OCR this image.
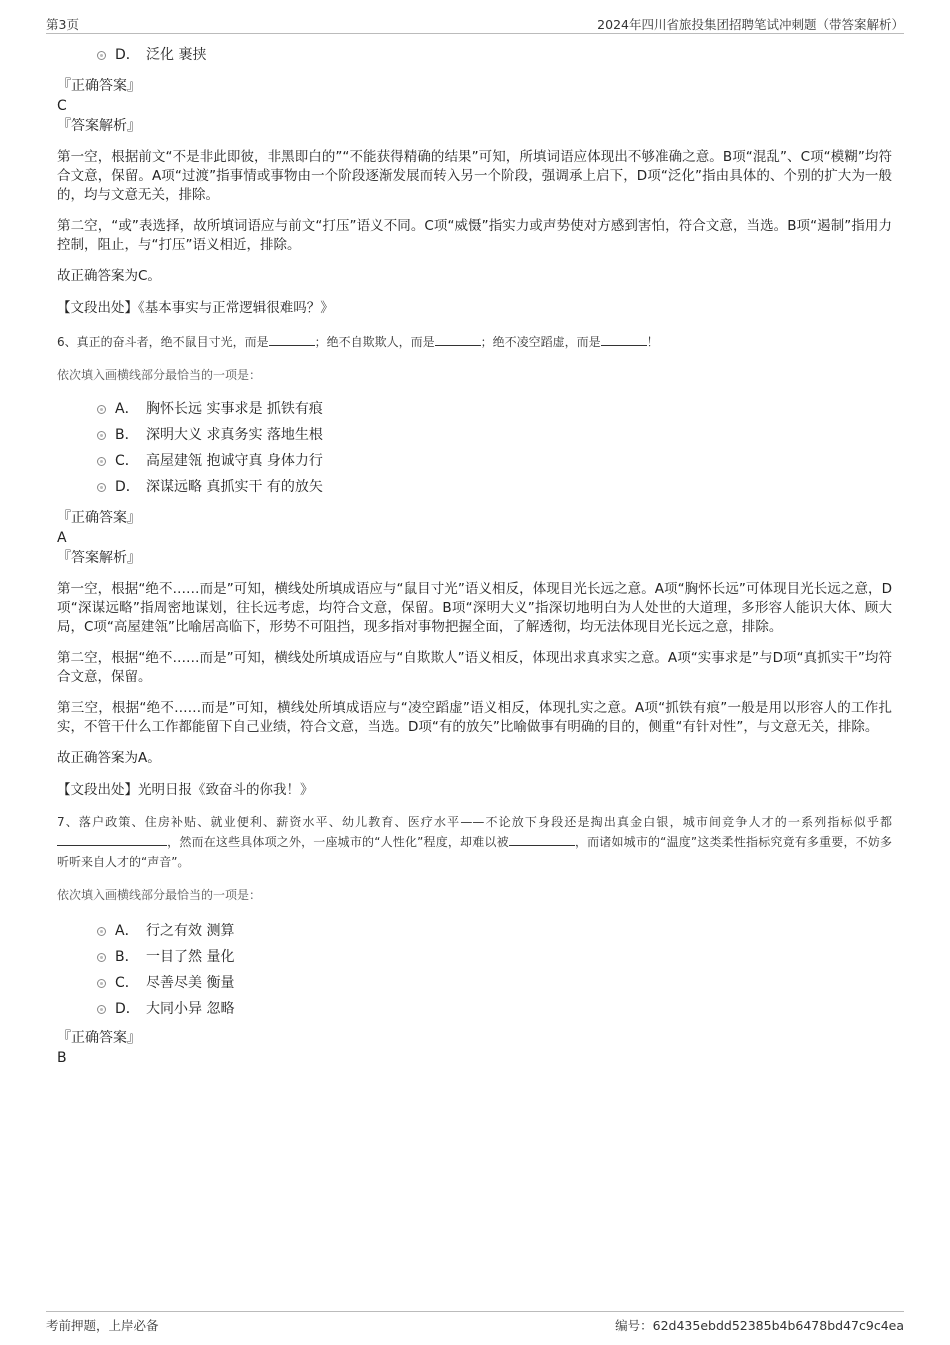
第3页	2024年四川省旅投集团招聘笔试冲刺题（带答案解析）
D． 泛化 裹挟
『正确答案』
C
『答案解析』

第一空，根据前文“不是非此即彼，非黑即白的”“不能获得精确的结果”可知，所填词语应体现出不够准确之意。B项“混乱”、C项“模糊”均符合文意，保留。A项“过渡”指事情或事物由一个阶段逐渐发展而转入另一个阶段，强调承上启下，D项“泛化”指由具体的、个别的扩大为一般的，均与文意无关，排除。

第二空，“或”表选择，故所填词语应与前文“打压”语义不同。C项“威慑”指实力或声势使对方感到害怕，符合文意，当选。B项“遏制”指用力控制，阻止，与“打压”语义相近，排除。

故正确答案为C。

【文段出处】《基本事实与正常逻辑很难吗？》

6、真正的奋斗者，绝不鼠目寸光，而是	；绝不自欺欺人，而是	；绝不凌空蹈虚，而是	！

依次填入画横线部分最恰当的一项是：
A． 胸怀长远 实事求是 抓铁有痕
B． 深明大义 求真务实 落地生根
C． 高屋建瓴 抱诚守真 身体力行
D． 深谋远略 真抓实干 有的放矢
『正确答案』
A
『答案解析』

第一空，根据“绝不……而是”可知，横线处所填成语应与“鼠目寸光”语义相反，体现目光长远之意。A项“胸怀长远”可体现目光长远之意，D项“深谋远略”指周密地谋划，往长远考虑，均符合文意，保留。B项“深明大义”指深切地明白为人处世的大道理，多形容人能识大体、顾大局，C项“高屋建瓴”比喻居高临下，形势不可阻挡，现多指对事物把握全面，了解透彻，均无法体现目光长远之意，排除。

第二空，根据“绝不……而是”可知，横线处所填成语应与“自欺欺人”语义相反，体现出求真求实之意。A项“实事求是”与D项“真抓实干”均符合文意，保留。

第三空，根据“绝不……而是”可知，横线处所填成语应与“凌空蹈虚”语义相反，体现扎实之意。A项“抓铁有痕”一般是用以形容人的工作扎实，不管干什么工作都能留下自己业绩，符合文意，当选。D项“有的放矢”比喻做事有明确的目的，侧重“有针对性”，与文意无关，排除。

故正确答案为A。

【文段出处】光明日报《致奋斗的你我！》

7、落户政策、住房补贴、就业便利、薪资水平、幼儿教育、医疗水平——不论放下身段还是掏出真金白银，城市间竞争人才的一系列指标似乎都，然而在这些具体项之外，一座城市的“人性化”程度，却难以被	，而诸如城市的“温度”这类柔性指标究竟有多重要，不妨多听听来自人才的“声音”。

依次填入画横线部分最恰当的一项是：
A． 行之有效 测算
B． 一目了然 量化
C． 尽善尽美 衡量
D． 大同小异 忽略
『正确答案』
B
考前押题，上岸必备	编号：62d435ebdd52385b4b6478bd47c9c4ea
